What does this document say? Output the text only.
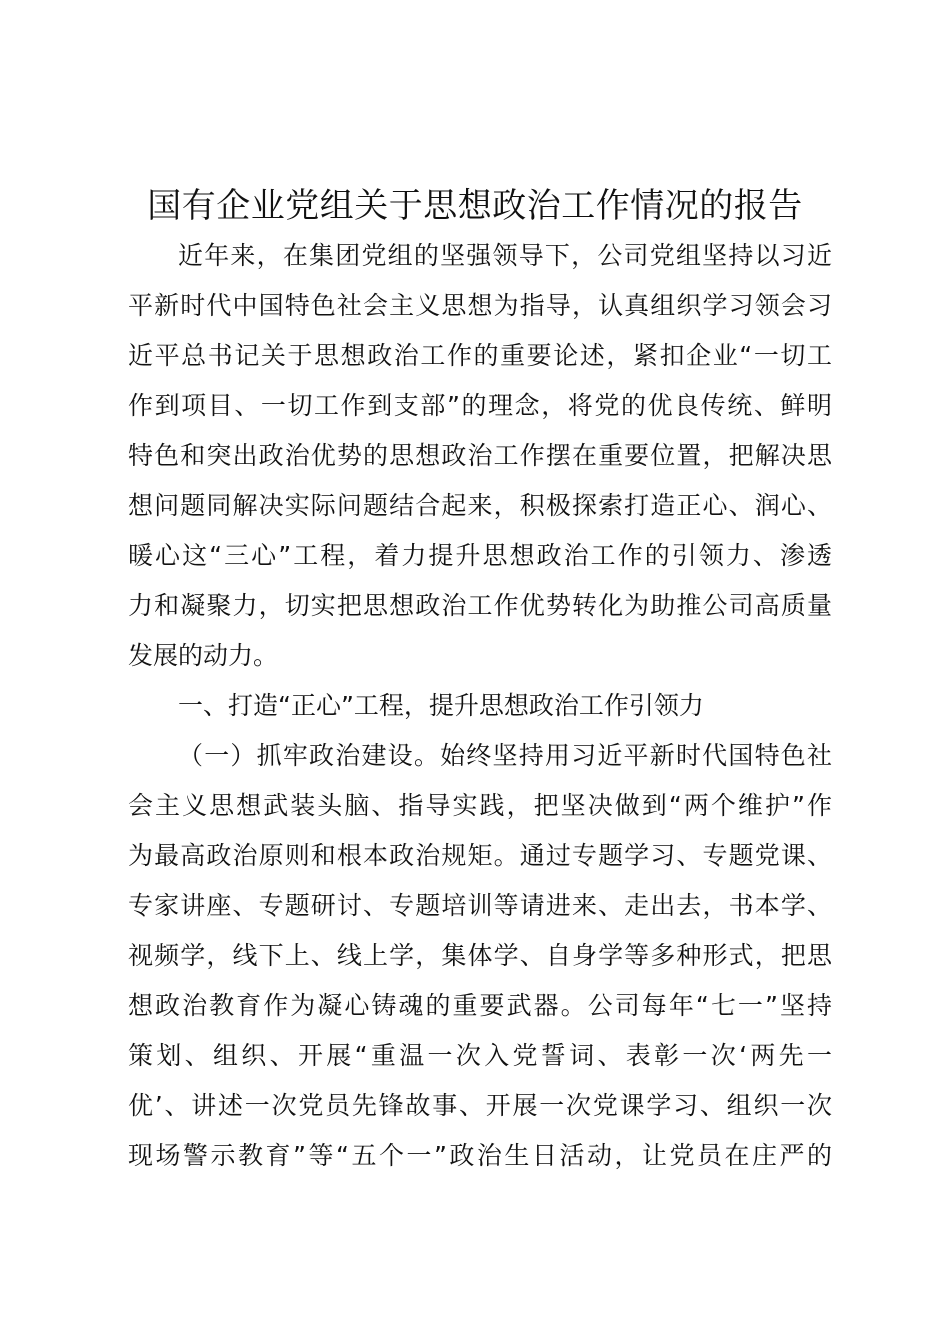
国有企业党组关于思想政治工作情况的报告
近年来，在集团党组的坚强领导下，公司党组坚持以习近
平新时代中国特色社会主义思想为指导，认真组织学习领会习
近平总书记关于思想政治工作的重要论述，紧扣企业“一切工
作到项目、一切工作到支部”的理念，将党的优良传统、鲜明
特色和突出政治优势的思想政治工作摆在重要位置，把解决思
想问题同解决实际问题结合起来，积极探索打造正心、润心、
暖心这“三心”工程，着力提升思想政治工作的引领力、渗透
力和凝聚力，切实把思想政治工作优势转化为助推公司高质量
发展的动力。
一、打造“正心”工程，提升思想政治工作引领力
（一）抓牢政治建设。始终坚持用习近平新时代国特色社
会主义思想武装头脑、指导实践，把坚决做到“两个维护”作
为最高政治原则和根本政治规矩。通过专题学习、专题党课、
专家讲座、专题研讨、专题培训等请进来、走出去，书本学、
视频学，线下上、线上学，集体学、自身学等多种形式，把思
想政治教育作为凝心铸魂的重要武器。公司每年“七一”坚持
策划、组织、开展“重温一次入党誓词、表彰一次‘两先一
优’、讲述一次党员先锋故事、开展一次党课学习、组织一次
现场警示教育”等“五个一”政治生日活动，让党员在庄严的
